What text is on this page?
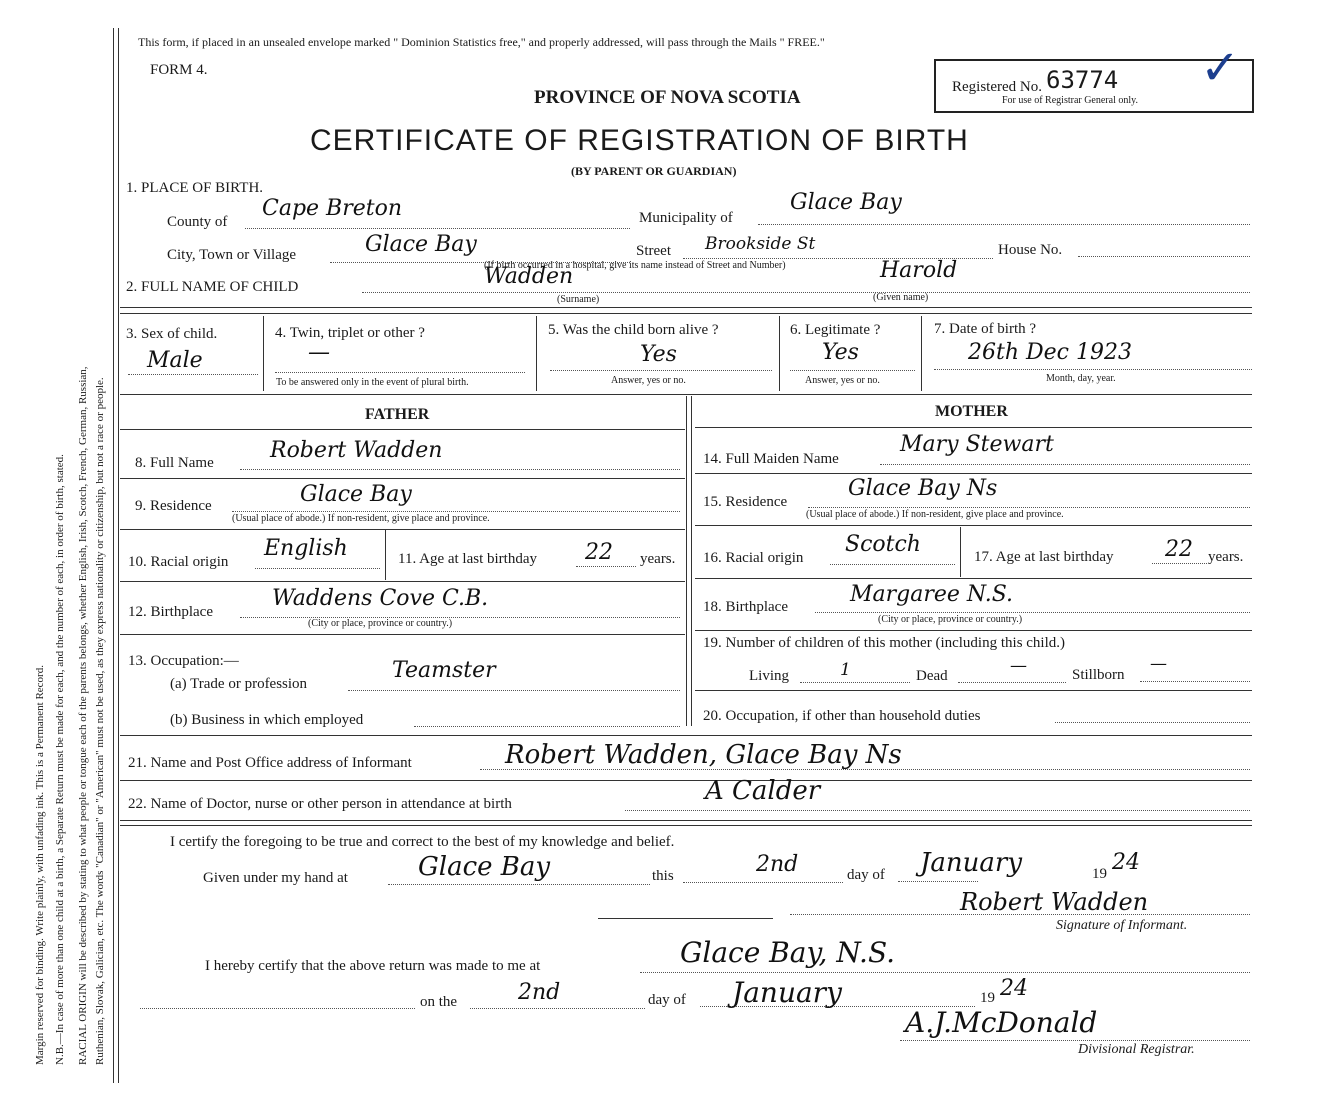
Margin reserved for binding. Write plainly, with unfading ink. This is a Permanent Record. N.B.—In case of more than one child at a birth, a Separate Return must be made for each, and the number of each, in order of birth, stated. RACIAL ORIGIN will be described by stating to what people or tongue each of the parents belongs, whether English, Irish, Scotch, French, German, Russian, Ruthenian, Slovak, Galician, etc. The words "Canadian" or "American" must not be used, as they express nationality or citizenship, but not a race or people.
This form, if placed in an unsealed envelope marked " Dominion Statistics free," and properly addressed, will pass through the Mails " FREE."
FORM 4.
PROVINCE OF NOVA SCOTIA
CERTIFICATE OF REGISTRATION OF BIRTH
(BY PARENT OR GUARDIAN)
Registered No. 63774
For use of Registrar General only.
✓
1. PLACE OF BIRTH.
County of
Cape Breton	Municipality of
Glace Bay
City, Town or Village	Glace Bay	Street Brookside St	House No.
(If birth occurred in a hospital, give its name instead of Street and Number)
2. FULL NAME OF CHILD	Wadden
(Surname)
Harold
(Given name)
3. Sex of child.
Male
4. Twin, triplet or other ?
—
To be answered only in the event of plural birth.
5. Was the child born alive ?
Yes
Answer, yes or no.
6. Legitimate ?
Yes
Answer, yes or no.
7. Date of birth ?
26th Dec 1923
Month, day, year.
FATHER
8. Full Name	Robert Wadden
9. Residence	Glace Bay
(Usual place of abode.) If non-resident, give place and province.
10. Racial origin
English	11. Age at last birthday 22 years.
12. Birthplace
Waddens Cove C.B.
(City or place, province or country.)
13. Occupation:—
(a) Trade or profession
Teamster
(b) Business in which employed
MOTHER
14. Full Maiden Name
Mary Stewart
15. Residence
Glace Bay Ns
(Usual place of abode.) If non-resident, give place and province.
16. Racial origin
Scotch	17. Age at last birthday 22 years.
18. Birthplace	Margaree N.S.
(City or place, province or country.)
19. Number of children of this mother (including this child.)
Living	1	Dead	—	Stillborn
—
20. Occupation, if other than household duties
21. Name and Post Office address of Informant	Robert Wadden, Glace Bay Ns
22. Name of Doctor, nurse or other person in attendance at birth	A Calder
I certify the foregoing to be true and correct to the best of my knowledge and belief.
Given under my hand at	Glace Bay	this	2nd	day of January	19 24
Robert Wadden
Signature of Informant.
I hereby certify that the above return was made to me at	Glace Bay, N.S.
on the	2nd	day of January	19 24
A.J.McDonald
Divisional Registrar.
